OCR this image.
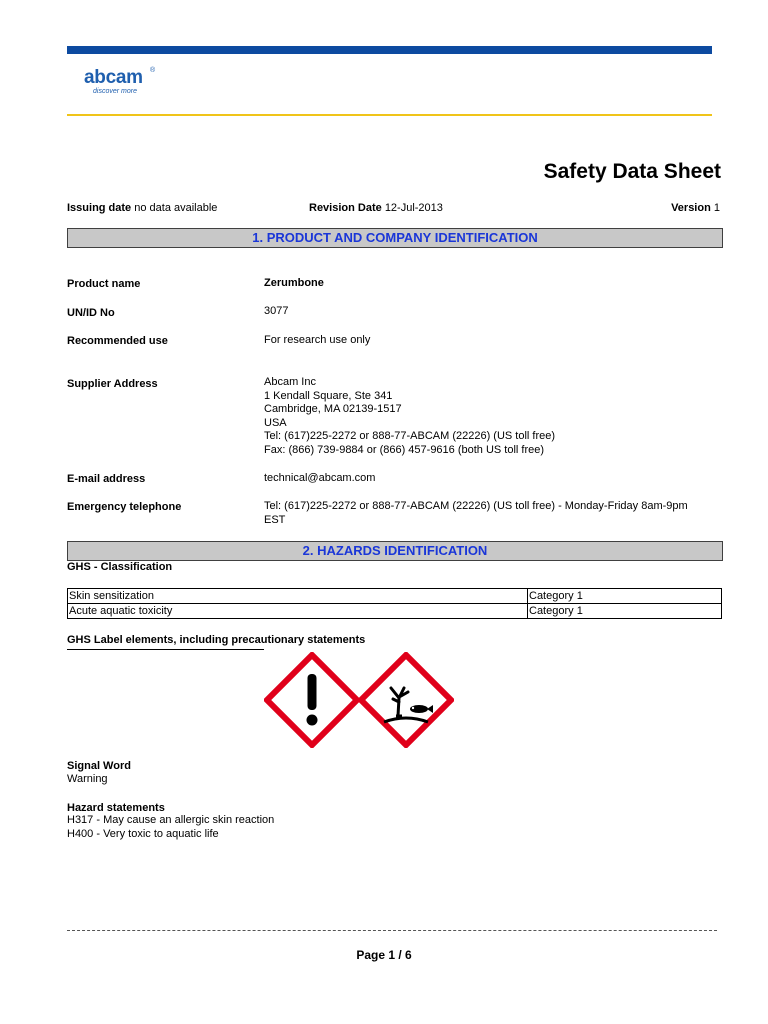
abcam ®
discover more
Safety Data Sheet
Issuing date no data available	Revision Date 12-Jul-2013	Version 1
1. PRODUCT AND COMPANY IDENTIFICATION
Product name	Zerumbone
UN/ID No	3077
Recommended use	For research use only
Supplier Address	Abcam Inc
1 Kendall Square, Ste 341
Cambridge, MA 02139-1517
USA
Tel: (617)225-2272 or 888-77-ABCAM (22226) (US toll free)
Fax: (866) 739-9884 or (866) 457-9616 (both US toll free)
E-mail address	technical@abcam.com
Emergency telephone	Tel: (617)225-2272 or 888-77-ABCAM (22226) (US toll free) - Monday-Friday 8am-9pm
EST
2. HAZARDS IDENTIFICATION
GHS - Classification
Skin sensitization	Category 1
Acute aquatic toxicity	Category 1
GHS Label elements, including precautionary statements
Signal Word
Warning
Hazard statements
H317 - May cause an allergic skin reaction
H400 - Very toxic to aquatic life
Page 1 / 6
